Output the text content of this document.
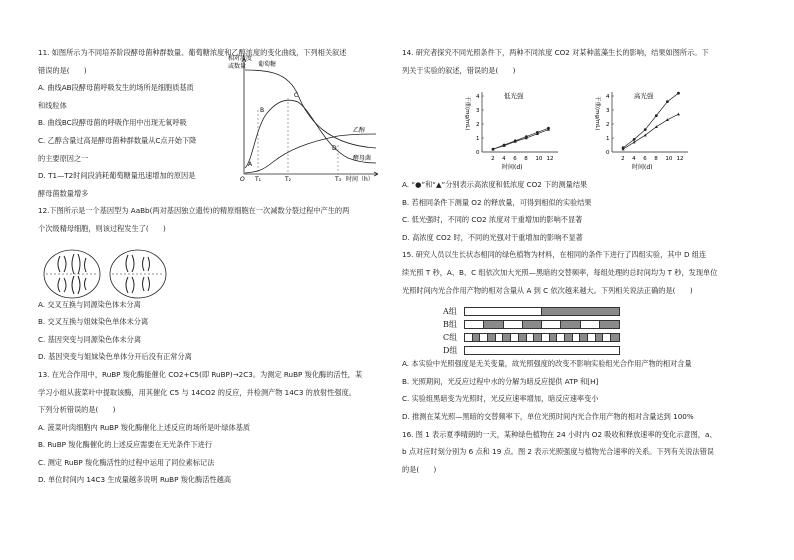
11. 如图所示为不同培养阶段酵母菌种群数量、葡萄糖浓度和乙醇浓度的变化曲线，下列相关叙述
错误的是(　　)
A. 曲线AB段酵母菌呼吸发生的场所是细胞质基质
和线粒体
B. 曲线BC段酵母菌的呼吸作用中出现无氧呼吸
C. 乙醇含量过高是酵母菌种群数量从C点开始下降
的主要原因之一
D. T1—T2时间段消耗葡萄糖量迅速增加的原因是
酵母菌数量增多
12.下图所示是一个基因型为 AaBb(两对基因独立遗传)的精原细胞在一次减数分裂过程中产生的两
个次级精母细胞，则该过程发生了(　　)
A. 交叉互换与同源染色体未分离
B. 交叉互换与姐妹染色单体未分离
C. 基因突变与同源染色体未分离
D. 基因突变与姐妹染色单体分开后没有正常分离
13. 在光合作用中，RuBP 羧化酶能催化 CO2+C5(即 RuBP)→2C3。为测定 RuBP 羧化酶的活性，某
学习小组从菠菜叶中提取该酶，用其催化 C5 与 14CO2 的反应，并检测产物 14C3 的放射性强度。
下列分析错误的是(　　)
A. 菠菜叶肉细胞内 RuBP 羧化酶催化上述反应的场所是叶绿体基质
B. RuBP 羧化酶催化的上述反应需要在无光条件下进行
C. 测定 RuBP 羧化酶活性的过程中运用了同位素标记法
D. 单位时间内 14C3 生成量越多说明 RuBP 羧化酶活性越高
相对浓度
或数量
O T₁	T₂	T₃ 时间（h）
葡萄糖
乙醇
酵母菌
A
B
C
D
14. 研究者探究不同光照条件下，两种不同浓度 CO2 对某种蓝藻生长的影响，结果如图所示。下
列关于实验的叙述，错误的是(　　)
低光强
干重(mg/mL)
0
1
2
3
4
2 4 6 8 10 12
时间(d)
高光强
干重(mg/mL)
0
1
2
3
4
2 4 6 8 10 12
时间(d)
A. “●”和“▲”分别表示高浓度和低浓度 CO2 下的测量结果
B. 若相同条件下测量 O2 的释放量，可得到相似的实验结果
C. 低光强时，不同的 CO2 浓度对干重增加的影响不显著
D. 高浓度 CO2 时，不同的光强对干重增加的影响不显著
15. 研究人员以生长状态相同的绿色植物为材料，在相同的条件下进行了四组实验，其中 D 组连
续光照 T 秒，A、B、C 组依次加大光照—黑暗的交替频率，每组处理的总时间均为 T 秒，发现单位
光照时间内光合作用产物的相对含量从 A 到 C 依次越来越大。下列相关说法正确的是(　　)
A. 本实验中光照强度是无关变量，故光照强度的改变不影响实验组光合作用产物的相对含量
B. 光照期间，光反应过程中水的分解为暗反应提供 ATP 和[H]
C. 实验组黑暗变为光照时，光反应速率增加，暗反应速率变小
D. 推测在某光照—黑暗的交替频率下，单位光照时间内光合作用产物的相对含量达到 100%
16. 图 1 表示夏季晴朗的一天，某种绿色植物在 24 小时内 O2 吸收和释放速率的变化示意图，a、
b 点对应时刻分别为 6 点和 19 点。图 2 表示光照强度与植物光合速率的关系。下列有关说法错误
的是(　　)
A组
B组
C组
D组
